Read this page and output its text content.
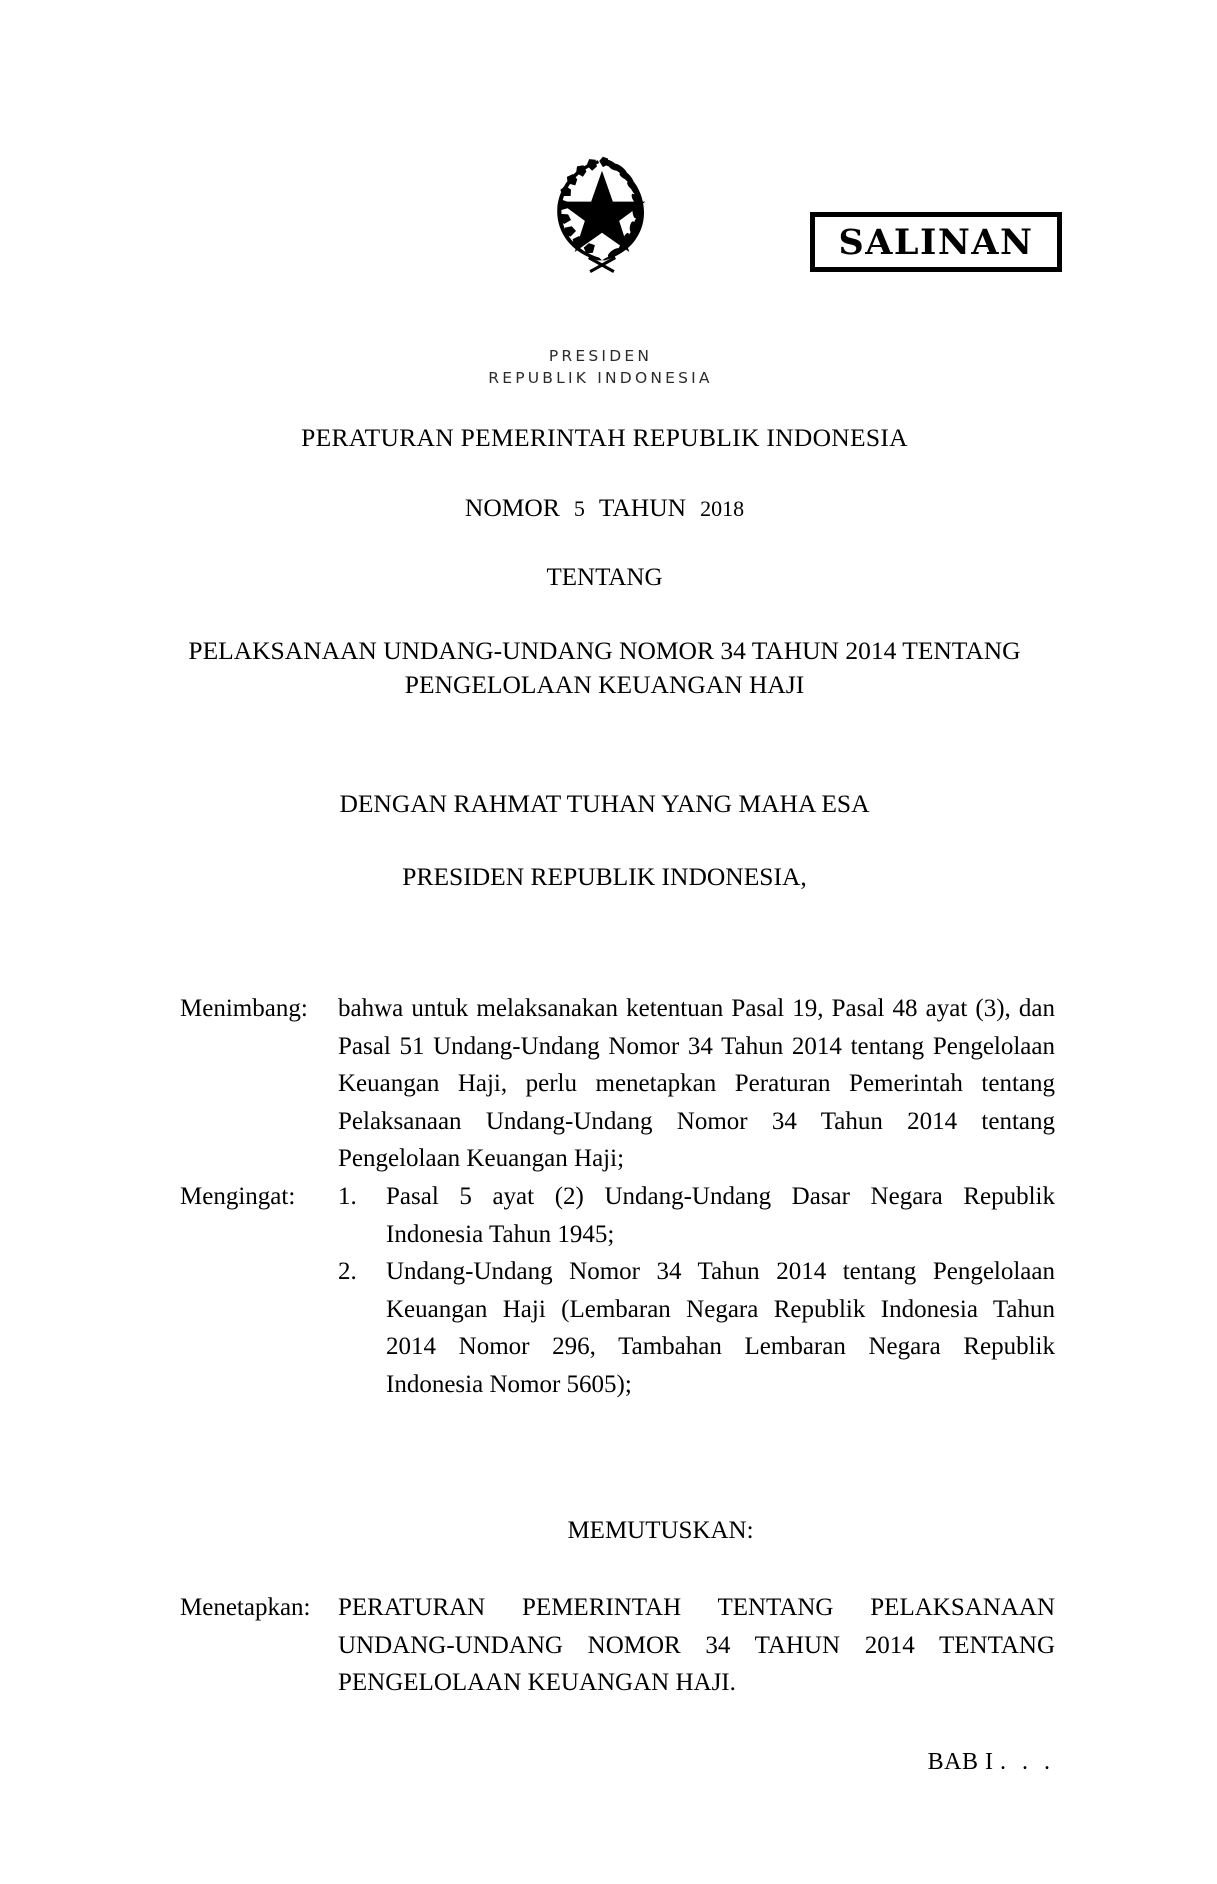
SALINAN
PRESIDEN
REPUBLIK INDONESIA
PERATURAN PEMERINTAH REPUBLIK INDONESIA
NOMOR 5 TAHUN 2018
TENTANG
PELAKSANAAN UNDANG-UNDANG NOMOR 34 TAHUN 2014 TENTANG
PENGELOLAAN KEUANGAN HAJI
DENGAN RAHMAT TUHAN YANG MAHA ESA
PRESIDEN REPUBLIK INDONESIA,
Menimbang:	bahwa untuk melaksanakan ketentuan Pasal 19, Pasal 48 ayat (3), dan Pasal 51 Undang-Undang Nomor 34 Tahun 2014 tentang Pengelolaan Keuangan Haji, perlu menetapkan Peraturan Pemerintah tentang Pelaksanaan Undang-Undang Nomor 34 Tahun 2014 tentang Pengelolaan Keuangan Haji;
Mengingat:	1.	Pasal 5 ayat (2) Undang-Undang Dasar Negara Republik Indonesia Tahun 1945;
2.	Undang-Undang Nomor 34 Tahun 2014 tentang Pengelolaan Keuangan Haji (Lembaran Negara Republik Indonesia Tahun 2014 Nomor 296, Tambahan Lembaran Negara Republik Indonesia Nomor 5605);
MEMUTUSKAN:
Menetapkan:	PERATURAN PEMERINTAH TENTANG PELAKSANAAN UNDANG-UNDANG NOMOR 34 TAHUN 2014 TENTANG PENGELOLAAN KEUANGAN HAJI.
BAB I . . .
